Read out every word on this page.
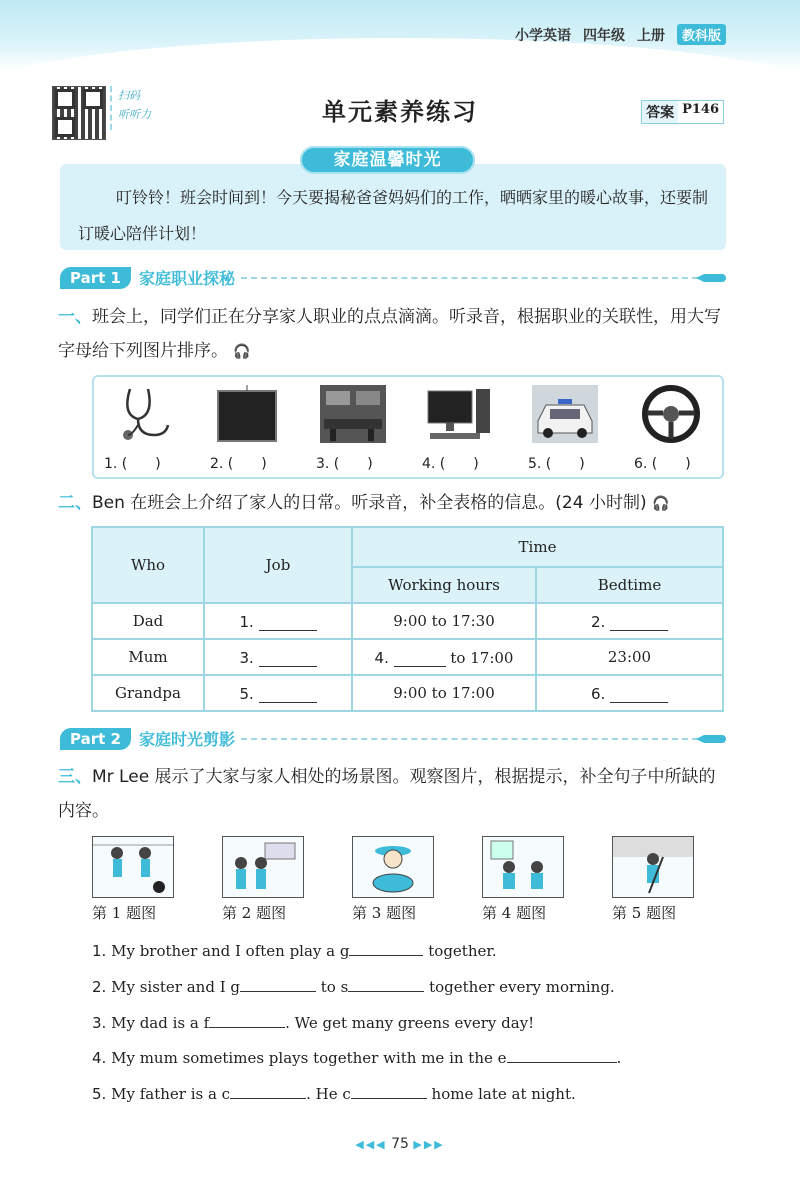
小学英语 四年级 上册	教科版
扫码
听听力	单元素养练习	答案 P146
家庭温馨时光
叮铃铃！班会时间到！今天要揭秘爸爸妈妈们的工作，晒晒家里的暖心故事，还要制订暖心陪伴计划！
Part 1	家庭职业探秘
一、班会上，同学们正在分享家人职业的点点滴滴。听录音，根据职业的关联性，用大写字母给下列图片排序。 🎧
1. (　　)	2. (　　)	3. (　　)	4. (　　)	5. (　　)	6. (　　)
二、Ben 在班会上介绍了家人的日常。听录音，补全表格的信息。(24 小时制) 🎧
Who	Job	Time	
		Working hours	Bedtime
Dad	1.	9:00 to 17:30	2.
Mum	3.	4. to 17:00	23:00
Grandpa	5.	9:00 to 17:00	6.
Part 2	家庭时光剪影
三、Mr Lee 展示了大家与家人相处的场景图。观察图片，根据提示，补全句子中所缺的内容。
第 1 题图	第 2 题图	第 3 题图	第 4 题图	第 5 题图
1. My brother and I often play a g	together.
2. My sister and I g	to s	together every morning.
3. My dad is a f	. We get many greens every day!
4. My mum sometimes plays together with me in the e	.
5. My father is a c	. He c	home late at night.
◀◀◀ 75 ▶▶▶
